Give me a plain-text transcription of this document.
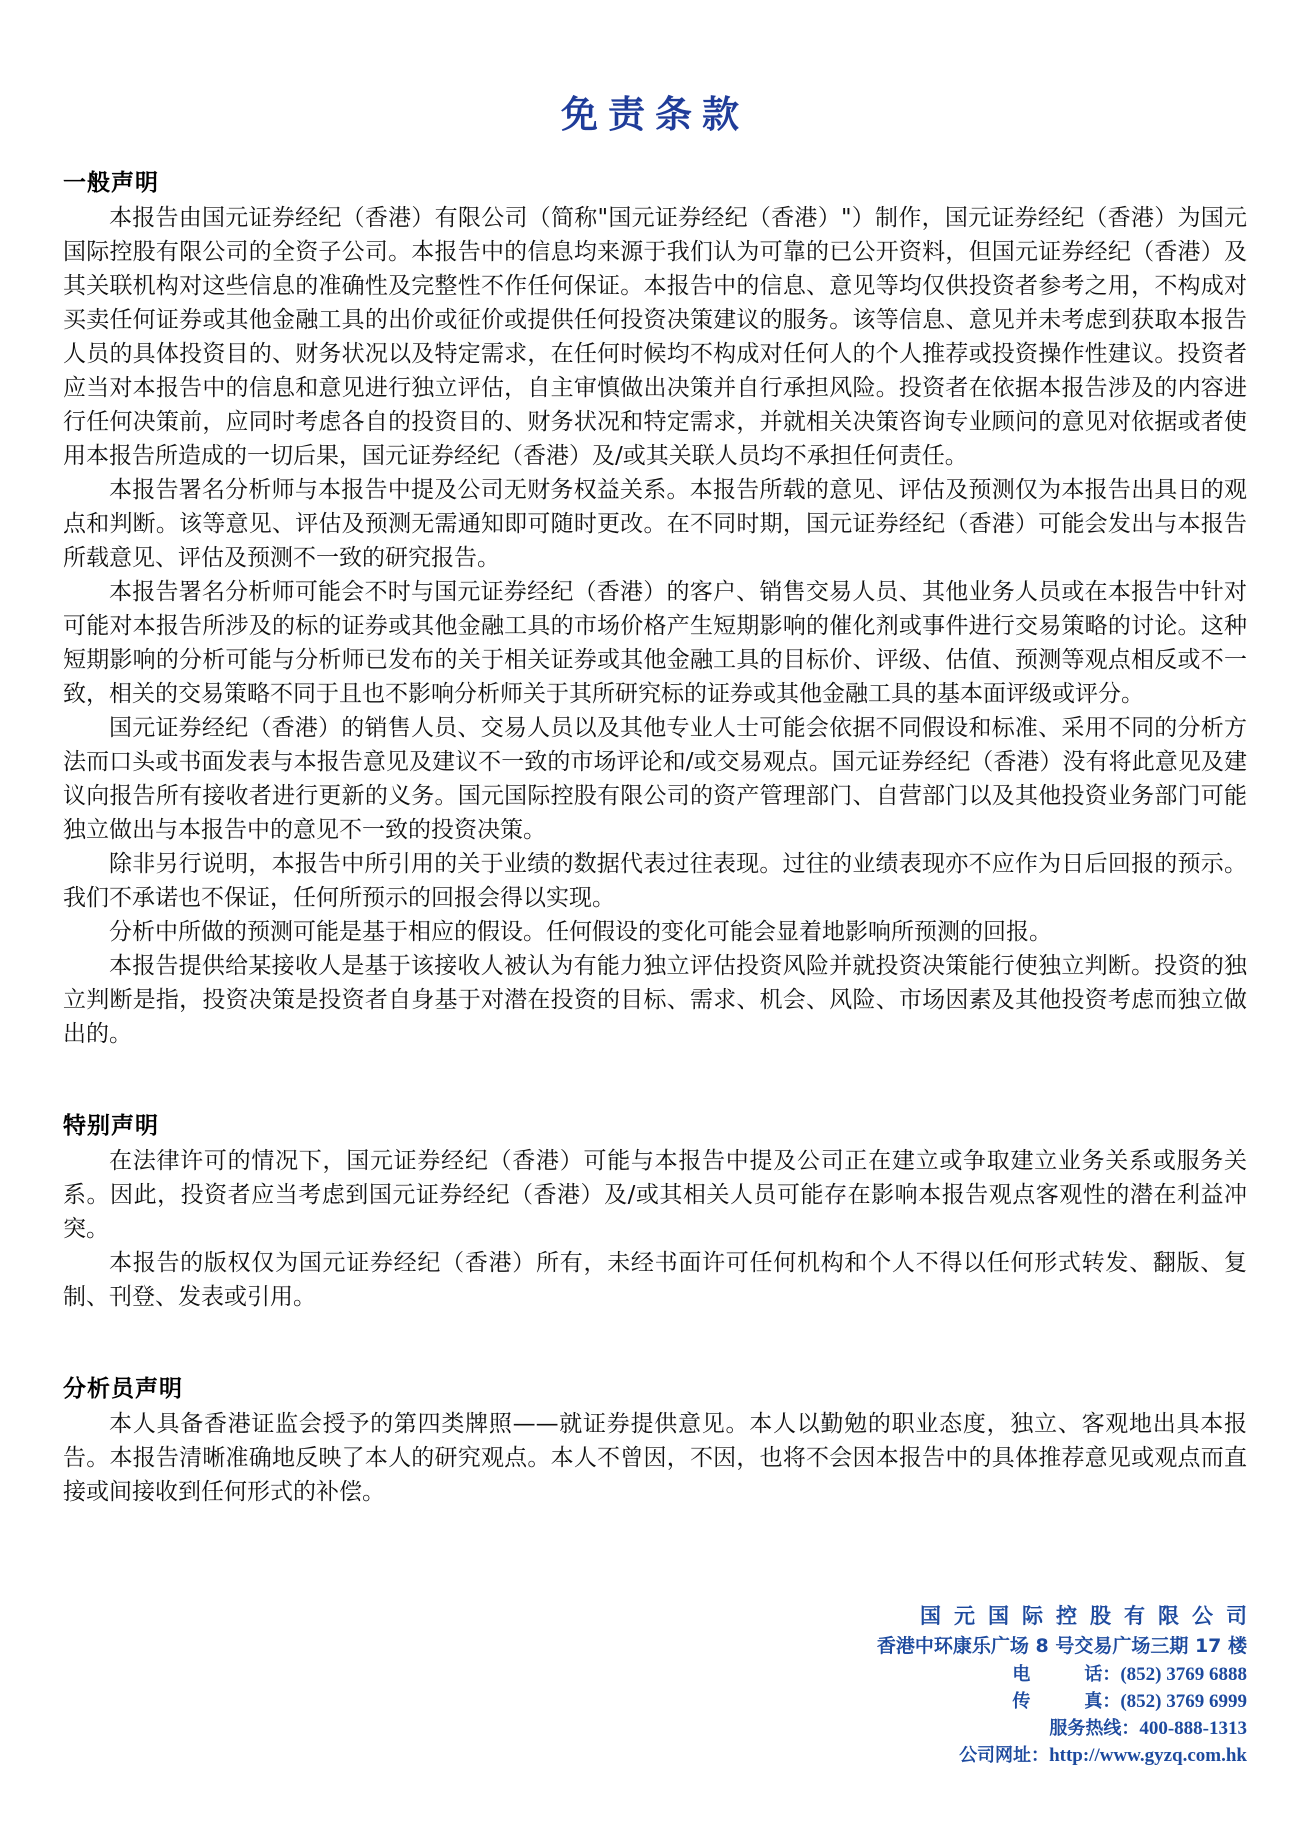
免责条款
一般声明

本报告由国元证券经纪（香港）有限公司（简称"国元证券经纪（香港）"）制作，国元证券经纪（香港）为国元国际控股有限公司的全资子公司。本报告中的信息均来源于我们认为可靠的已公开资料，但国元证券经纪（香港）及其关联机构对这些信息的准确性及完整性不作任何保证。本报告中的信息、意见等均仅供投资者参考之用，不构成对买卖任何证券或其他金融工具的出价或征价或提供任何投资决策建议的服务。该等信息、意见并未考虑到获取本报告人员的具体投资目的、财务状况以及特定需求，在任何时候均不构成对任何人的个人推荐或投资操作性建议。投资者应当对本报告中的信息和意见进行独立评估，自主审慎做出决策并自行承担风险。投资者在依据本报告涉及的内容进行任何决策前，应同时考虑各自的投资目的、财务状况和特定需求，并就相关决策咨询专业顾问的意见对依据或者使用本报告所造成的一切后果，国元证券经纪（香港）及/或其关联人员均不承担任何责任。

本报告署名分析师与本报告中提及公司无财务权益关系。本报告所载的意见、评估及预测仅为本报告出具日的观点和判断。该等意见、评估及预测无需通知即可随时更改。在不同时期，国元证券经纪（香港）可能会发出与本报告所载意见、评估及预测不一致的研究报告。

本报告署名分析师可能会不时与国元证券经纪（香港）的客户、销售交易人员、其他业务人员或在本报告中针对可能对本报告所涉及的标的证券或其他金融工具的市场价格产生短期影响的催化剂或事件进行交易策略的讨论。这种短期影响的分析可能与分析师已发布的关于相关证券或其他金融工具的目标价、评级、估值、预测等观点相反或不一致，相关的交易策略不同于且也不影响分析师关于其所研究标的证券或其他金融工具的基本面评级或评分。

国元证券经纪（香港）的销售人员、交易人员以及其他专业人士可能会依据不同假设和标准、采用不同的分析方法而口头或书面发表与本报告意见及建议不一致的市场评论和/或交易观点。国元证券经纪（香港）没有将此意见及建议向报告所有接收者进行更新的义务。国元国际控股有限公司的资产管理部门、自营部门以及其他投资业务部门可能独立做出与本报告中的意见不一致的投资决策。

除非另行说明，本报告中所引用的关于业绩的数据代表过往表现。过往的业绩表现亦不应作为日后回报的预示。我们不承诺也不保证，任何所预示的回报会得以实现。

分析中所做的预测可能是基于相应的假设。任何假设的变化可能会显着地影响所预测的回报。

本报告提供给某接收人是基于该接收人被认为有能力独立评估投资风险并就投资决策能行使独立判断。投资的独立判断是指，投资决策是投资者自身基于对潜在投资的目标、需求、机会、风险、市场因素及其他投资考虑而独立做出的。

特别声明

在法律许可的情况下，国元证券经纪（香港）可能与本报告中提及公司正在建立或争取建立业务关系或服务关系。因此，投资者应当考虑到国元证券经纪（香港）及/或其相关人员可能存在影响本报告观点客观性的潜在利益冲突。

本报告的版权仅为国元证券经纪（香港）所有，未经书面许可任何机构和个人不得以任何形式转发、翻版、复制、刊登、发表或引用。

分析员声明

本人具备香港证监会授予的第四类牌照——就证券提供意见。本人以勤勉的职业态度，独立、客观地出具本报告。本报告清晰准确地反映了本人的研究观点。本人不曾因，不因，也将不会因本报告中的具体推荐意见或观点而直接或间接收到任何形式的补偿。

国元国际控股有限公司
香港中环康乐广场 8 号交易广场三期 17 楼
电　　　话：(852) 3769 6888
传　　　真：(852) 3769 6999
服务热线：400-888-1313
公司网址：http://www.gyzq.com.hk
